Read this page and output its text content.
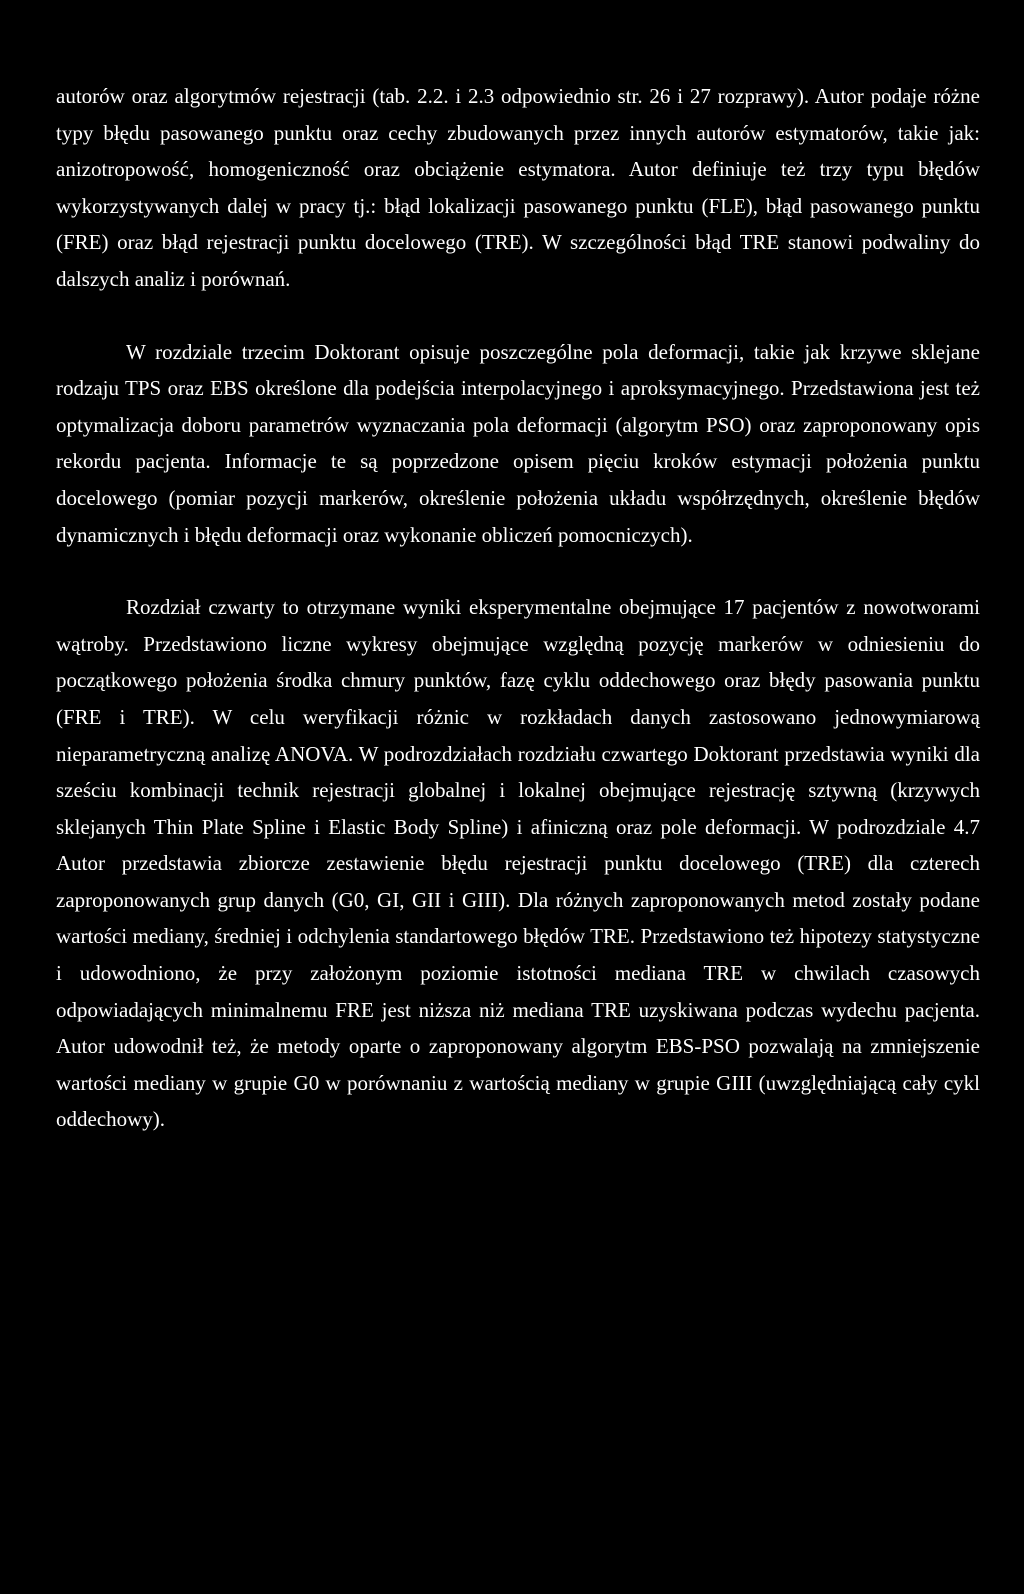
autorów oraz algorytmów rejestracji (tab. 2.2. i 2.3 odpowiednio str. 26 i 27 rozprawy). Autor podaje różne typy błędu pasowanego punktu oraz cechy zbudowanych przez innych autorów estymatorów, takie jak: anizotropowość, homogeniczność oraz obciążenie estymatora. Autor definiuje też trzy typu błędów wykorzystywanych dalej w pracy tj.: błąd lokalizacji pasowanego punktu (FLE), błąd pasowanego punktu (FRE) oraz błąd rejestracji punktu docelowego (TRE). W szczególności błąd TRE stanowi podwaliny do dalszych analiz i porównań.

W rozdziale trzecim Doktorant opisuje poszczególne pola deformacji, takie jak krzywe sklejane rodzaju TPS oraz EBS określone dla podejścia interpolacyjnego i aproksymacyjnego. Przedstawiona jest też optymalizacja doboru parametrów wyznaczania pola deformacji (algorytm PSO) oraz zaproponowany opis rekordu pacjenta. Informacje te są poprzedzone opisem pięciu kroków estymacji położenia punktu docelowego (pomiar pozycji markerów, określenie położenia układu współrzędnych, określenie błędów dynamicznych i błędu deformacji oraz wykonanie obliczeń pomocniczych).

Rozdział czwarty to otrzymane wyniki eksperymentalne obejmujące 17 pacjentów z nowotworami wątroby. Przedstawiono liczne wykresy obejmujące względną pozycję markerów w odniesieniu do początkowego położenia środka chmury punktów, fazę cyklu oddechowego oraz błędy pasowania punktu (FRE i TRE). W celu weryfikacji różnic w rozkładach danych zastosowano jednowymiarową nieparametryczną analizę ANOVA. W podrozdziałach rozdziału czwartego Doktorant przedstawia wyniki dla sześciu kombinacji technik rejestracji globalnej i lokalnej obejmujące rejestrację sztywną (krzywych sklejanych Thin Plate Spline i Elastic Body Spline) i afiniczną oraz pole deformacji. W podrozdziale 4.7 Autor przedstawia zbiorcze zestawienie błędu rejestracji punktu docelowego (TRE) dla czterech zaproponowanych grup danych (G0, GI, GII i GIII). Dla różnych zaproponowanych metod zostały podane wartości mediany, średniej i odchylenia standartowego błędów TRE. Przedstawiono też hipotezy statystyczne i udowodniono, że przy założonym poziomie istotności mediana TRE w chwilach czasowych odpowiadających minimalnemu FRE jest niższa niż mediana TRE uzyskiwana podczas wydechu pacjenta. Autor udowodnił też, że metody oparte o zaproponowany algorytm EBS-PSO pozwalają na zmniejszenie wartości mediany w grupie G0 w porównaniu z wartością mediany w grupie GIII (uwzględniającą cały cykl oddechowy).
